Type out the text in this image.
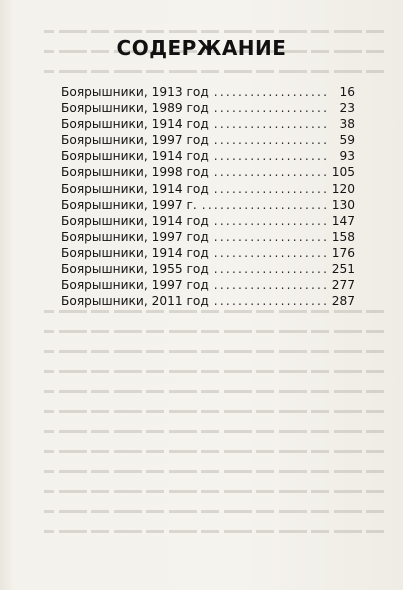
СОДЕРЖАНИЕ
Боярышники, 1913 год .....	16
Боярышники, 1989 год .....	23
Боярышники, 1914 год .....	38
Боярышники, 1997 год .....	59
Боярышники, 1914 год .....	93
Боярышники, 1998 год .....	105
Боярышники, 1914 год .....	120
Боярышники, 1997 г. .....	130
Боярышники, 1914 год .....	147
Боярышники, 1997 год .....	158
Боярышники, 1914 год .....	176
Боярышники, 1955 год .....	251
Боярышники, 1997 год .....	277
Боярышники, 2011 год .....	287
